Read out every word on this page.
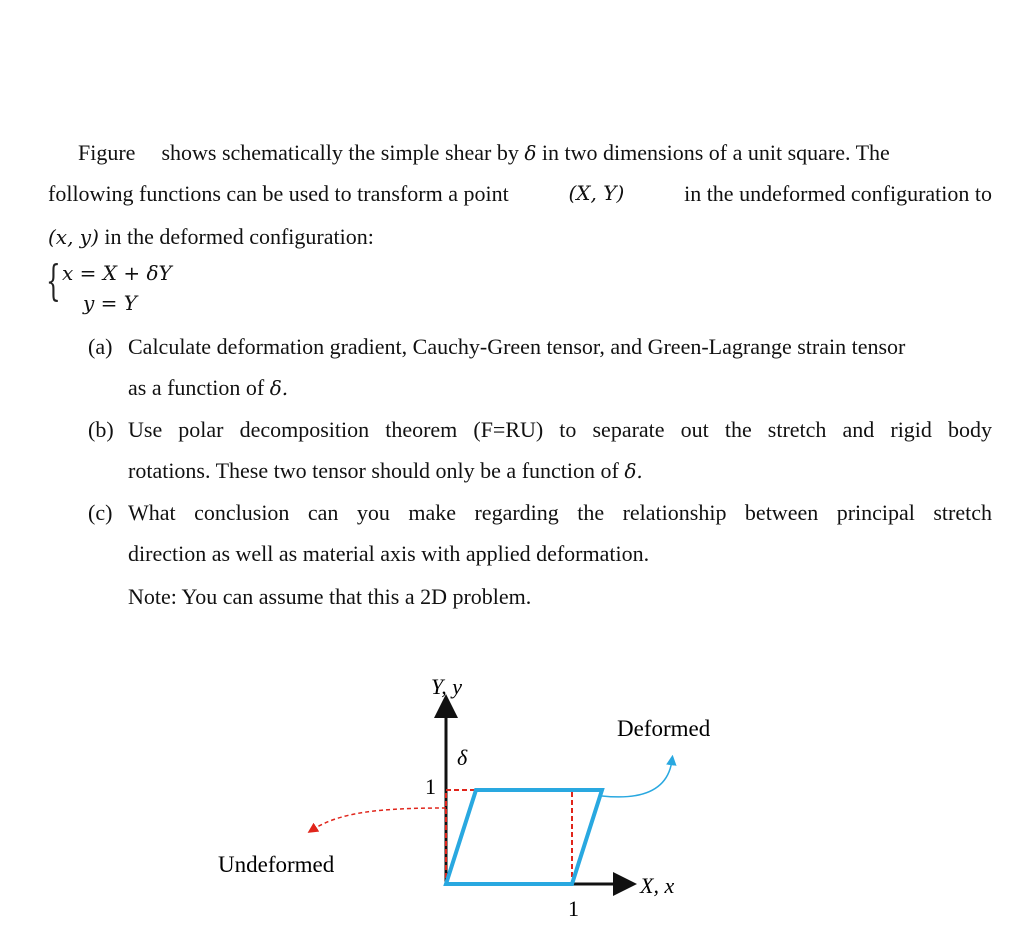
Figure shows schematically the simple shear by δ in two dimensions of a unit square. The
following functions can be used to transform a point	(X, Y)	in the undeformed configuration to
(x, y) in the deformed configuration:
{ x = X + δY
y = Y
(a) Calculate deformation gradient, Cauchy-Green tensor, and Green-Lagrange strain tensor
as a function of δ.
(b) Use polar decomposition theorem (F=RU) to separate out the stretch and rigid body
rotations. These two tensor should only be a function of δ.
(c) What conclusion can you make regarding the relationship between principal stretch
direction as well as material axis with applied deformation.
Note: You can assume that this a 2D problem.
Y, y
X, x
δ
1
1
Deformed
Undeformed
